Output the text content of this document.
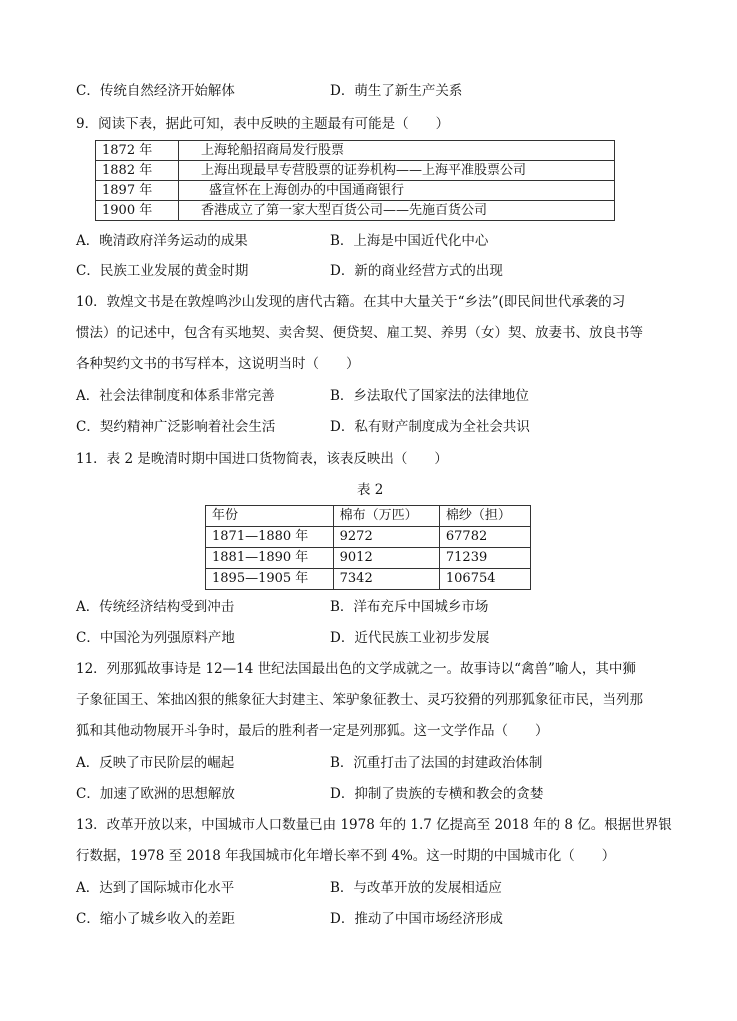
C．传统自然经济开始解体	D．萌生了新生产关系
9．阅读下表，据此可知，表中反映的主题最有可能是（　　）
1872 年	上海轮船招商局发行股票
1882 年	上海出现最早专营股票的证券机构——上海平准股票公司
1897 年	盛宣怀在上海创办的中国通商银行
1900 年	香港成立了第一家大型百货公司——先施百货公司
A．晚清政府洋务运动的成果	B．上海是中国近代化中心
C．民族工业发展的黄金时期	D．新的商业经营方式的出现
10．敦煌文书是在敦煌鸣沙山发现的唐代古籍。在其中大量关于“乡法”(即民间世代承袭的习
惯法）的记述中，包含有买地契、卖舍契、便贷契、雇工契、养男（女）契、放妻书、放良书等
各种契约文书的书写样本，这说明当时（　　）
A．社会法律制度和体系非常完善	B．乡法取代了国家法的法律地位
C．契约精神广泛影响着社会生活	D．私有财产制度成为全社会共识
11．表 2 是晚清时期中国进口货物简表，该表反映出（　　）
表 2
年份	棉布（万匹）	棉纱（担）
1871—1880 年	9272	67782
1881—1890 年	9012	71239
1895—1905 年	7342	106754
A．传统经济结构受到冲击	B．洋布充斥中国城乡市场
C．中国沦为列强原料产地	D．近代民族工业初步发展
12．列那狐故事诗是 12—14 世纪法国最出色的文学成就之一。故事诗以“禽兽”喻人，其中狮
子象征国王、笨拙凶狠的熊象征大封建主、笨驴象征教士、灵巧狡猾的列那狐象征市民，当列那
狐和其他动物展开斗争时，最后的胜利者一定是列那狐。这一文学作品（　　）
A．反映了市民阶层的崛起	B．沉重打击了法国的封建政治体制
C．加速了欧洲的思想解放	D．抑制了贵族的专横和教会的贪婪
13．改革开放以来，中国城市人口数量已由 1978 年的 1.7 亿提高至 2018 年的 8 亿。根据世界银
行数据，1978 至 2018 年我国城市化年增长率不到 4%。这一时期的中国城市化（　　）
A．达到了国际城市化水平	B．与改革开放的发展相适应
C．缩小了城乡收入的差距	D．推动了中国市场经济形成
